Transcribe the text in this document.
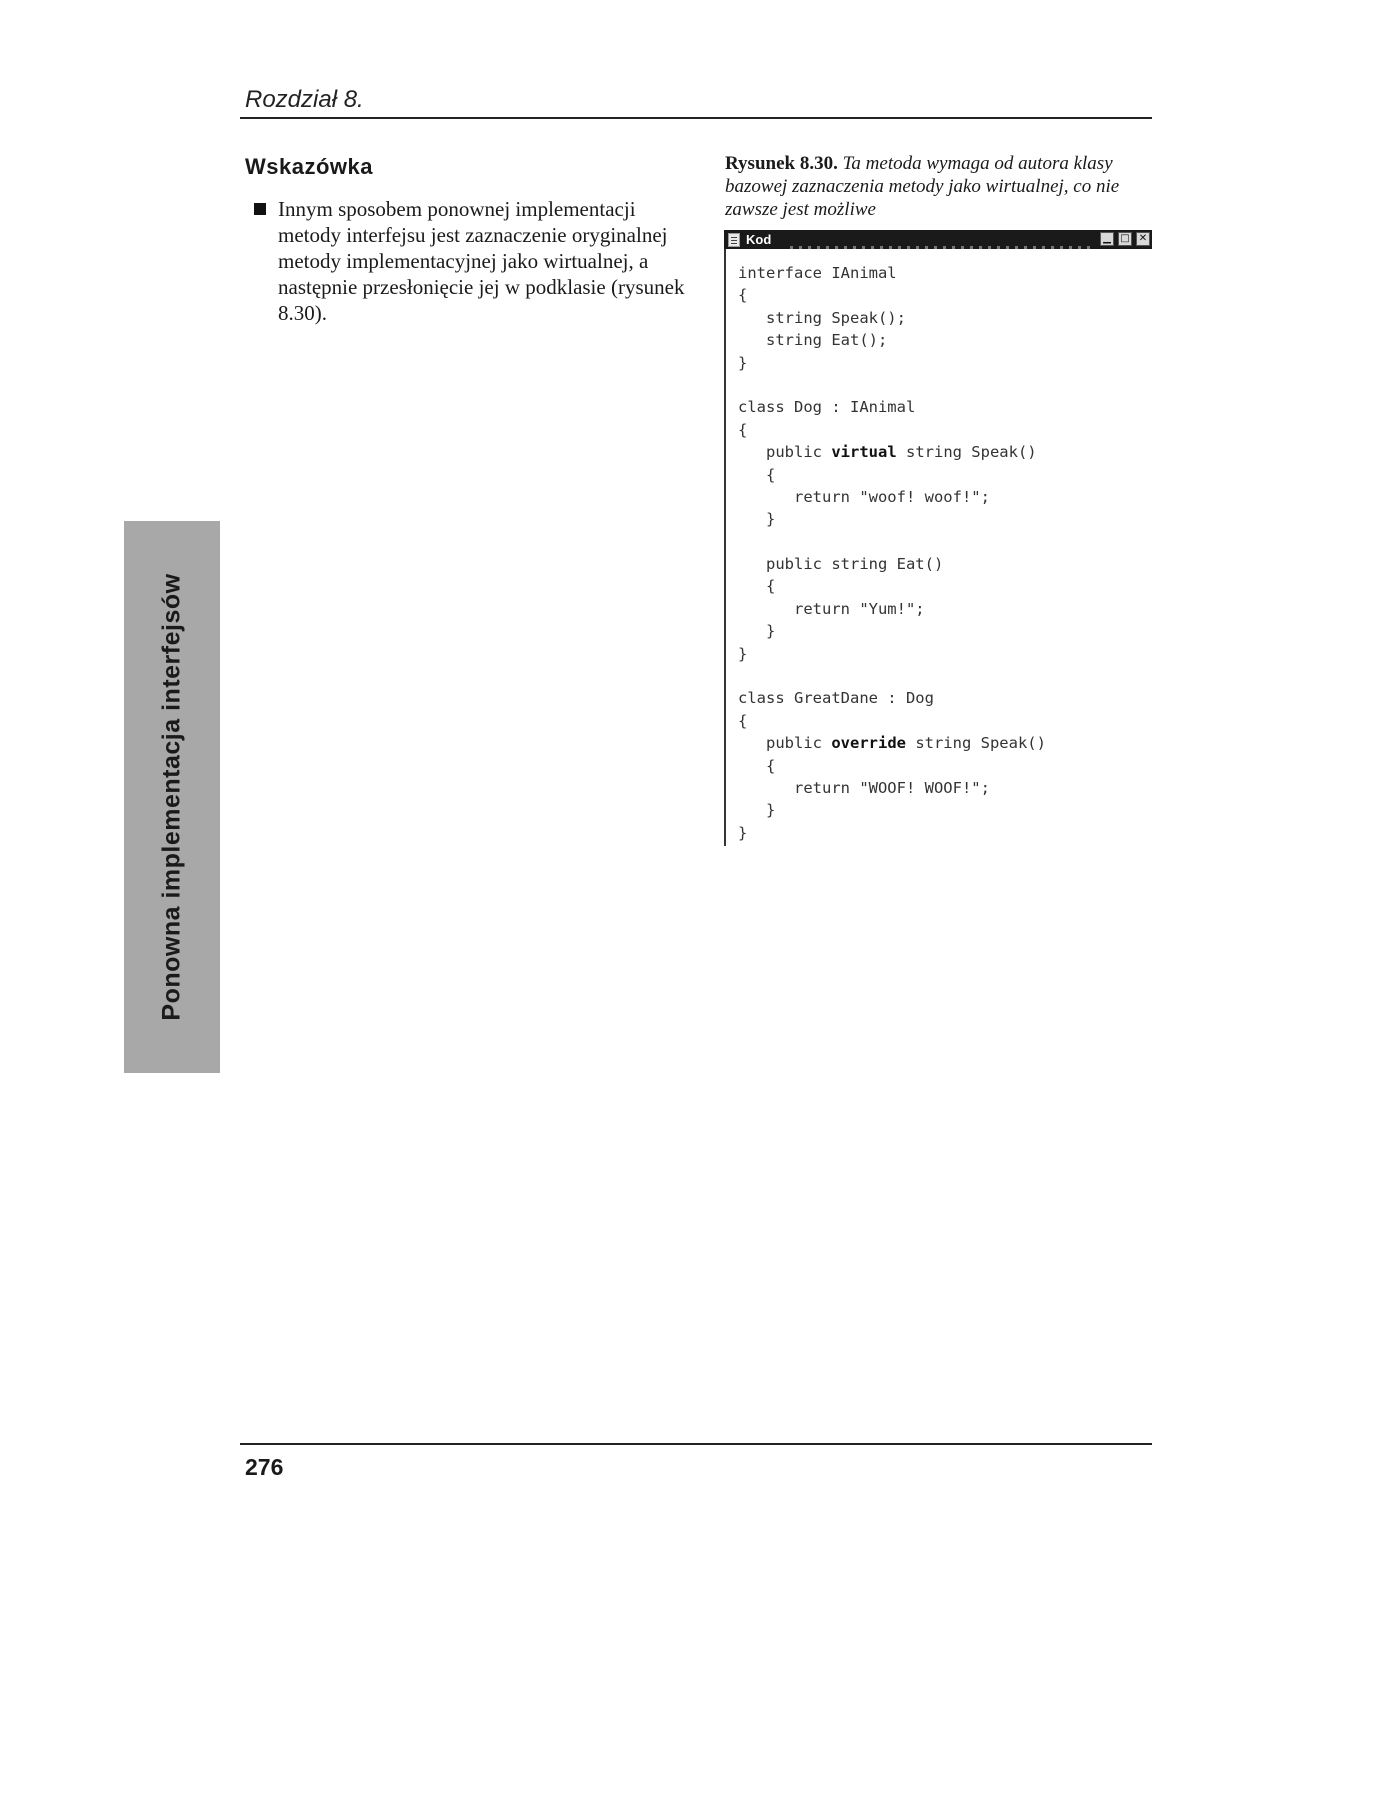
Rozdział 8.
Wskazówka
Innym sposobem ponownej implementacji metody interfejsu jest zaznaczenie oryginalnej metody implementacyjnej jako wirtualnej, a następnie przesłonięcie jej w podklasie (rysunek 8.30).
Rysunek 8.30. Ta metoda wymaga od autora klasy bazowej zaznaczenia metody jako wirtualnej, co nie zawsze jest możliwe
Kod	▁ □ ✕
interface IAnimal
{
string Speak();
string Eat();
}
class Dog : IAnimal
{
public virtual string Speak()
{
return "woof! woof!";
}
public string Eat()
{
return "Yum!";
}
}
class GreatDane : Dog
{
public override string Speak()
{
return "WOOF! WOOF!";
}
}
Ponowna implementacja interfejsów
276
